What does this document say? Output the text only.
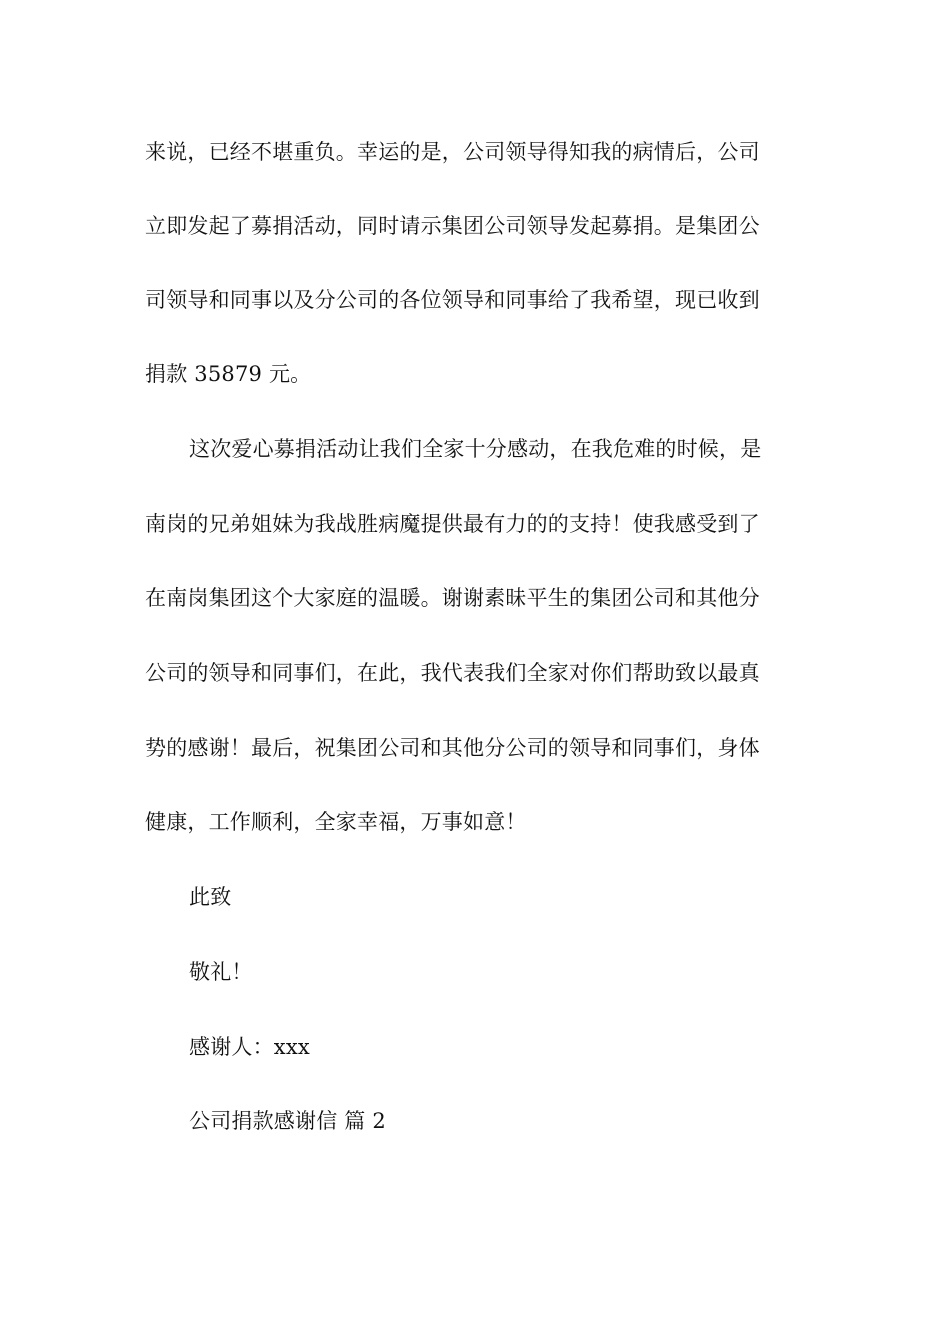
来说，已经不堪重负。幸运的是，公司领导得知我的病情后，公司
立即发起了募捐活动，同时请示集团公司领导发起募捐。是集团公
司领导和同事以及分公司的各位领导和同事给了我希望，现已收到
捐款 35879 元。
这次爱心募捐活动让我们全家十分感动，在我危难的时候，是
南岗的兄弟姐妹为我战胜病魔提供最有力的的支持！使我感受到了
在南岗集团这个大家庭的温暖。谢谢素昧平生的集团公司和其他分
公司的领导和同事们，在此，我代表我们全家对你们帮助致以最真
势的感谢！最后，祝集团公司和其他分公司的领导和同事们，身体
健康，工作顺利，全家幸福，万事如意！
此致
敬礼！
感谢人：xxx
公司捐款感谢信 篇 2
